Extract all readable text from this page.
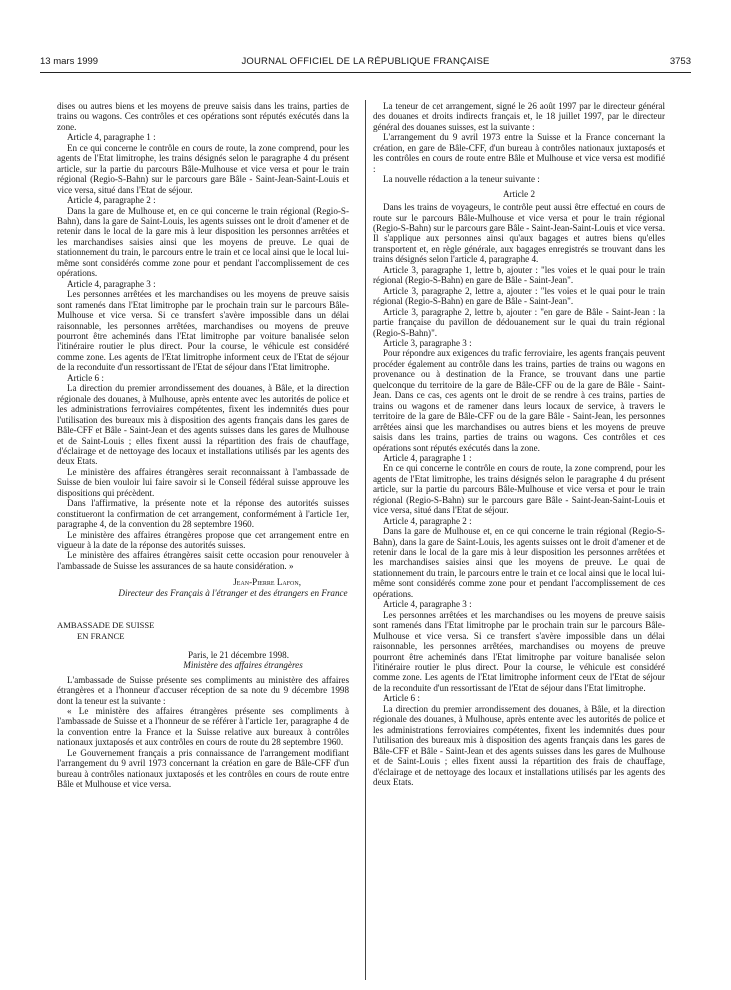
13 mars 1999	JOURNAL OFFICIEL DE LA RÉPUBLIQUE FRANÇAISE	3753

dises ou autres biens et les moyens de preuve saisis dans les trains, parties de trains ou wagons. Ces contrôles et ces opérations sont réputés exécutés dans la zone.

Article 4, paragraphe 1 :

En ce qui concerne le contrôle en cours de route, la zone comprend, pour les agents de l'Etat limitrophe, les trains désignés selon le paragraphe 4 du présent article, sur la partie du parcours Bâle-Mulhouse et vice versa et pour le train régional (Regio-S-Bahn) sur le parcours gare Bâle - Saint-Jean-Saint-Louis et vice versa, situé dans l'Etat de séjour.

Article 4, paragraphe 2 :

Dans la gare de Mulhouse et, en ce qui concerne le train régional (Regio-S-Bahn), dans la gare de Saint-Louis, les agents suisses ont le droit d'amener et de retenir dans le local de la gare mis à leur disposition les personnes arrêtées et les marchandises saisies ainsi que les moyens de preuve. Le quai de stationnement du train, le parcours entre le train et ce local ainsi que le local lui-même sont considérés comme zone pour et pendant l'accomplissement de ces opérations.

Article 4, paragraphe 3 :

Les personnes arrêtées et les marchandises ou les moyens de preuve saisis sont ramenés dans l'Etat limitrophe par le prochain train sur le parcours Bâle-Mulhouse et vice versa. Si ce transfert s'avère impossible dans un délai raisonnable, les personnes arrêtées, marchandises ou moyens de preuve pourront être acheminés dans l'Etat limitrophe par voiture banalisée selon l'itinéraire routier le plus direct. Pour la course, le véhicule est considéré comme zone. Les agents de l'Etat limitrophe informent ceux de l'Etat de séjour de la reconduite d'un ressortissant de l'Etat de séjour dans l'Etat limitrophe.

Article 6 :

La direction du premier arrondissement des douanes, à Bâle, et la direction régionale des douanes, à Mulhouse, après entente avec les autorités de police et les administrations ferroviaires compétentes, fixent les indemnités dues pour l'utilisation des bureaux mis à disposition des agents français dans les gares de Bâle-CFF et Bâle - Saint-Jean et des agents suisses dans les gares de Mulhouse et de Saint-Louis ; elles fixent aussi la répartition des frais de chauffage, d'éclairage et de nettoyage des locaux et installations utilisés par les agents des deux Etats.

Le ministère des affaires étrangères serait reconnaissant à l'ambassade de Suisse de bien vouloir lui faire savoir si le Conseil fédéral suisse approuve les dispositions qui précèdent.

Dans l'affirmative, la présente note et la réponse des autorités suisses constitueront la confirmation de cet arrangement, conformément à l'article 1er, paragraphe 4, de la convention du 28 septembre 1960.

Le ministère des affaires étrangères propose que cet arrangement entre en vigueur à la date de la réponse des autorités suisses.

Le ministère des affaires étrangères saisit cette occasion pour renouveler à l'ambassade de Suisse les assurances de sa haute considération. »

Jean-Pierre Lafon,

Directeur des Français à l'étranger et des étrangers en France

AMBASSADE DE SUISSE
EN FRANCE

Paris, le 21 décembre 1998.

Ministère des affaires étrangères

L'ambassade de Suisse présente ses compliments au ministère des affaires étrangères et a l'honneur d'accuser réception de sa note du 9 décembre 1998 dont la teneur est la suivante :

« Le ministère des affaires étrangères présente ses compliments à l'ambassade de Suisse et a l'honneur de se référer à l'article 1er, paragraphe 4 de la convention entre la France et la Suisse relative aux bureaux à contrôles nationaux juxtaposés et aux contrôles en cours de route du 28 septembre 1960.

Le Gouvernement français a pris connaissance de l'arrangement modifiant l'arrangement du 9 avril 1973 concernant la création en gare de Bâle-CFF d'un bureau à contrôles nationaux juxtaposés et les contrôles en cours de route entre Bâle et Mulhouse et vice versa.

La teneur de cet arrangement, signé le 26 août 1997 par le directeur général des douanes et droits indirects français et, le 18 juillet 1997, par le directeur général des douanes suisses, est la suivante :

L'arrangement du 9 avril 1973 entre la Suisse et la France concernant la création, en gare de Bâle-CFF, d'un bureau à contrôles nationaux juxtaposés et les contrôles en cours de route entre Bâle et Mulhouse et vice versa est modifié :

La nouvelle rédaction a la teneur suivante :

Article 2

Dans les trains de voyageurs, le contrôle peut aussi être effectué en cours de route sur le parcours Bâle-Mulhouse et vice versa et pour le train régional (Regio-S-Bahn) sur le parcours gare Bâle - Saint-Jean-Saint-Louis et vice versa. Il s'applique aux personnes ainsi qu'aux bagages et autres biens qu'elles transportent et, en règle générale, aux bagages enregistrés se trouvant dans les trains désignés selon l'article 4, paragraphe 4.

Article 3, paragraphe 1, lettre b, ajouter : "les voies et le quai pour le train régional (Regio-S-Bahn) en gare de Bâle - Saint-Jean".

Article 3, paragraphe 2, lettre a, ajouter : "les voies et le quai pour le train régional (Regio-S-Bahn) en gare de Bâle - Saint-Jean".

Article 3, paragraphe 2, lettre b, ajouter : "en gare de Bâle - Saint-Jean : la partie française du pavillon de dédouanement sur le quai du train régional (Regio-S-Bahn)".

Article 3, paragraphe 3 :

Pour répondre aux exigences du trafic ferroviaire, les agents français peuvent procéder également au contrôle dans les trains, parties de trains ou wagons en provenance ou à destination de la France, se trouvant dans une partie quelconque du territoire de la gare de Bâle-CFF ou de la gare de Bâle - Saint-Jean. Dans ce cas, ces agents ont le droit de se rendre à ces trains, parties de trains ou wagons et de ramener dans leurs locaux de service, à travers le territoire de la gare de Bâle-CFF ou de la gare Bâle - Saint-Jean, les personnes arrêtées ainsi que les marchandises ou autres biens et les moyens de preuve saisis dans les trains, parties de trains ou wagons. Ces contrôles et ces opérations sont réputés exécutés dans la zone.

Article 4, paragraphe 1 :

En ce qui concerne le contrôle en cours de route, la zone comprend, pour les agents de l'Etat limitrophe, les trains désignés selon le paragraphe 4 du présent article, sur la partie du parcours Bâle-Mulhouse et vice versa et pour le train régional (Regio-S-Bahn) sur le parcours gare Bâle - Saint-Jean-Saint-Louis et vice versa, situé dans l'Etat de séjour.

Article 4, paragraphe 2 :

Dans la gare de Mulhouse et, en ce qui concerne le train régional (Regio-S-Bahn), dans la gare de Saint-Louis, les agents suisses ont le droit d'amener et de retenir dans le local de la gare mis à leur disposition les personnes arrêtées et les marchandises saisies ainsi que les moyens de preuve. Le quai de stationnement du train, le parcours entre le train et ce local ainsi que le local lui-même sont considérés comme zone pour et pendant l'accomplissement de ces opérations.

Article 4, paragraphe 3 :

Les personnes arrêtées et les marchandises ou les moyens de preuve saisis sont ramenés dans l'Etat limitrophe par le prochain train sur le parcours Bâle-Mulhouse et vice versa. Si ce transfert s'avère impossible dans un délai raisonnable, les personnes arrêtées, marchandises ou moyens de preuve pourront être acheminés dans l'Etat limitrophe par voiture banalisée selon l'itinéraire routier le plus direct. Pour la course, le véhicule est considéré comme zone. Les agents de l'Etat limitrophe informent ceux de l'Etat de séjour de la reconduite d'un ressortissant de l'Etat de séjour dans l'Etat limitrophe.

Article 6 :

La direction du premier arrondissement des douanes, à Bâle, et la direction régionale des douanes, à Mulhouse, après entente avec les autorités de police et les administrations ferroviaires compétentes, fixent les indemnités dues pour l'utilisation des bureaux mis à disposition des agents français dans les gares de Bâle-CFF et Bâle - Saint-Jean et des agents suisses dans les gares de Mulhouse et de Saint-Louis ; elles fixent aussi la répartition des frais de chauffage, d'éclairage et de nettoyage des locaux et installations utilisés par les agents des deux Etats.
